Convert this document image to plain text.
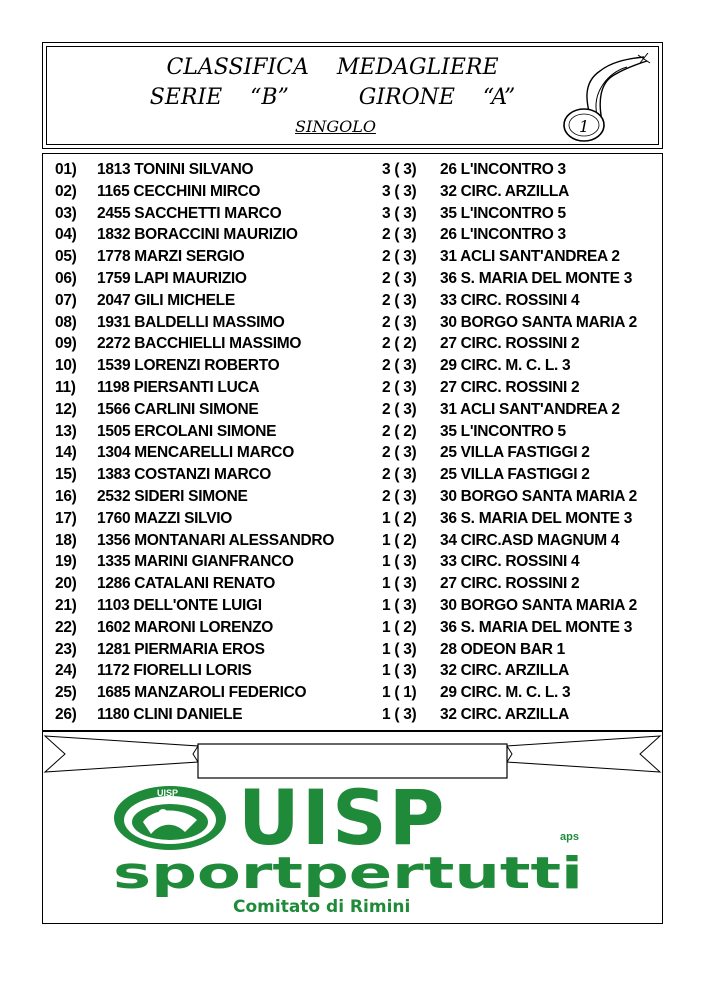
CLASSIFICA    MEDAGLIERE
SERIE    “B”          GIRONE    “A”
SINGOLO	1
01) 1813 TONINI SILVANO	3 ( 3) 26 L'INCONTRO 3
02) 1165 CECCHINI MIRCO	3 ( 3) 32 CIRC. ARZILLA
03) 2455 SACCHETTI MARCO	3 ( 3) 35 L'INCONTRO 5
04) 1832 BORACCINI MAURIZIO	2 ( 3) 26 L'INCONTRO 3
05) 1778 MARZI SERGIO	2 ( 3) 31 ACLI SANT'ANDREA 2
06) 1759 LAPI MAURIZIO	2 ( 3) 36 S. MARIA DEL MONTE 3
07) 2047 GILI MICHELE	2 ( 3) 33 CIRC. ROSSINI 4
08) 1931 BALDELLI MASSIMO	2 ( 3) 30 BORGO SANTA MARIA 2
09) 2272 BACCHIELLI MASSIMO	2 ( 2) 27 CIRC. ROSSINI 2
10) 1539 LORENZI ROBERTO	2 ( 3) 29 CIRC. M. C. L. 3
11) 1198 PIERSANTI LUCA	2 ( 3) 27 CIRC. ROSSINI 2
12) 1566 CARLINI SIMONE	2 ( 3) 31 ACLI SANT'ANDREA 2
13) 1505 ERCOLANI SIMONE	2 ( 2) 35 L'INCONTRO 5
14) 1304 MENCARELLI MARCO	2 ( 3) 25 VILLA FASTIGGI 2
15) 1383 COSTANZI MARCO	2 ( 3) 25 VILLA FASTIGGI 2
16) 2532 SIDERI SIMONE	2 ( 3) 30 BORGO SANTA MARIA 2
17) 1760 MAZZI SILVIO	1 ( 2) 36 S. MARIA DEL MONTE 3
18) 1356 MONTANARI ALESSANDRO	1 ( 2) 34 CIRC.ASD MAGNUM 4
19) 1335 MARINI GIANFRANCO	1 ( 3) 33 CIRC. ROSSINI 4
20) 1286 CATALANI RENATO	1 ( 3) 27 CIRC. ROSSINI 2
21) 1103 DELL'ONTE LUIGI	1 ( 3) 30 BORGO SANTA MARIA 2
22) 1602 MARONI LORENZO	1 ( 2) 36 S. MARIA DEL MONTE 3
23) 1281 PIERMARIA EROS	1 ( 3) 28 ODEON BAR 1
24) 1172 FIORELLI LORIS	1 ( 3) 32 CIRC. ARZILLA
25) 1685 MANZAROLI FEDERICO	1 ( 1) 29 CIRC. M. C. L. 3
26) 1180 CLINI DANIELE	1 ( 3) 32 CIRC. ARZILLA
UISP UISP	aps
sportpertutti
Comitato di Rimini
